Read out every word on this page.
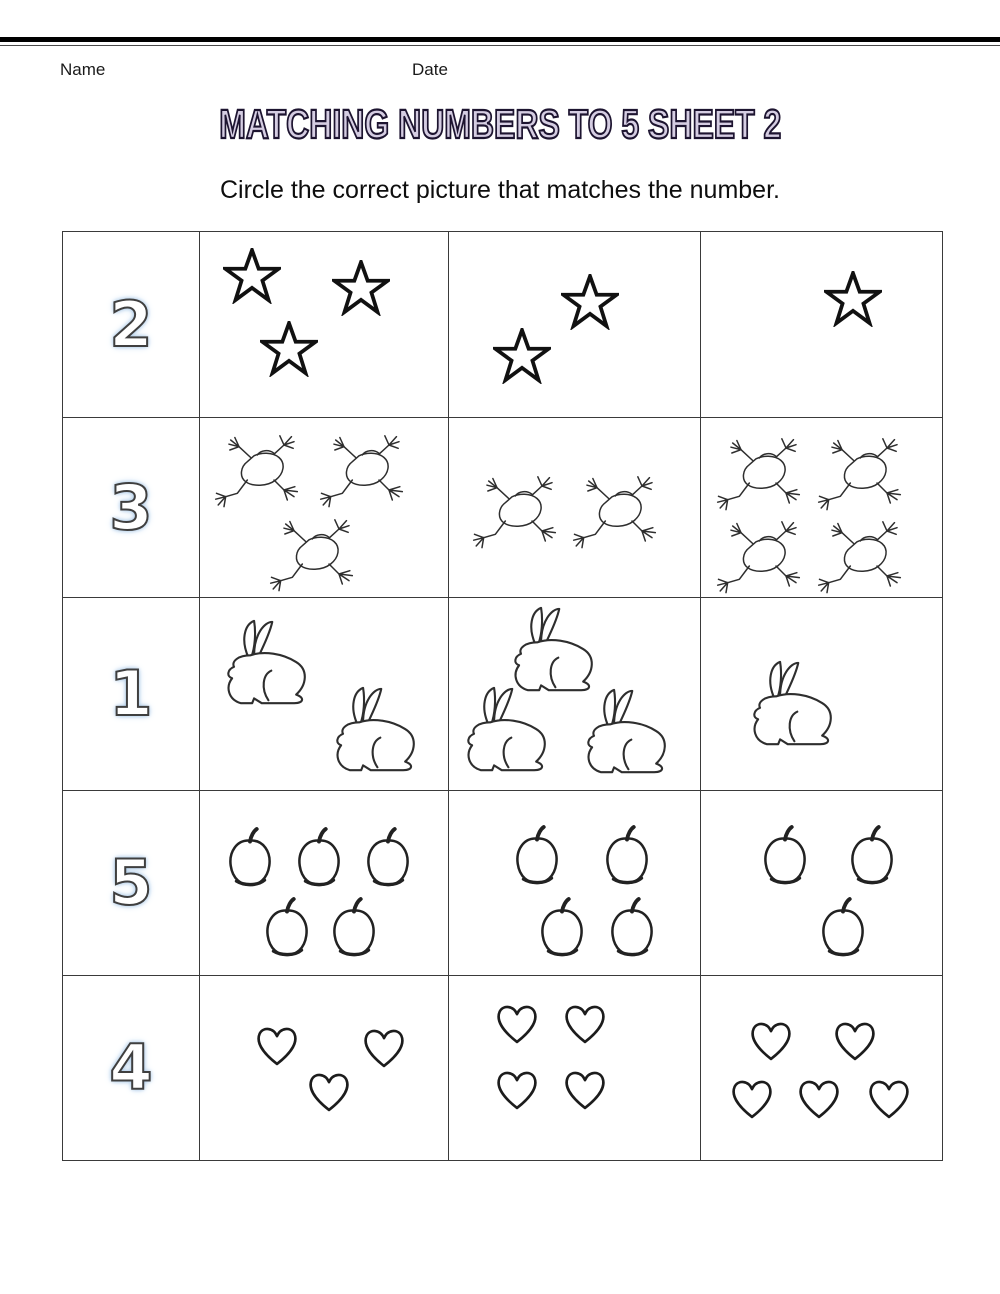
Name	Date
MATCHING NUMBERS TO 5 SHEET 2

Circle the correct picture that matches the number.

2
3
1
5
4
